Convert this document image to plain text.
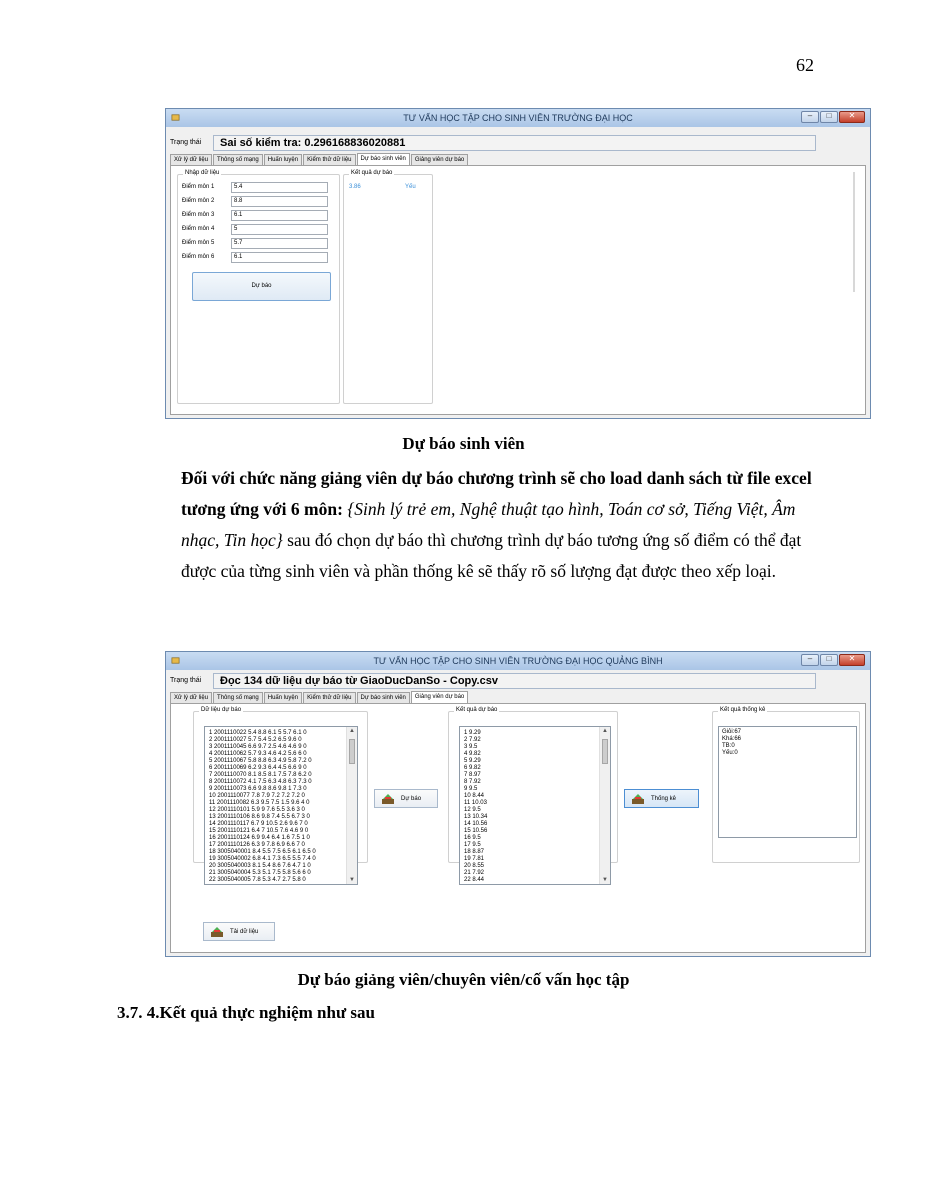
62
TƯ VẤN HỌC TẬP CHO SINH VIÊN TRƯỜNG ĐẠI HỌC	–	□	✕
Trạng thái	Sai số kiểm tra: 0.296168836020881
Xử lý dữ liệu	Thông số mạng	Huấn luyện	Kiểm thử dữ liệu	Dự báo sinh viên	Giảng viên dự báo
Nhập dữ liệu
Điểm môn 1	5.4
Điểm môn 2	8.8
Điểm môn 3	6.1
Điểm môn 4	5
Điểm môn 5	5.7
Điểm môn 6	6.1
Dự báo
Kết quả dự báo
3.86	Yếu
Dự báo sinh viên
Đối với chức năng giảng viên dự báo chương trình sẽ cho load danh sách từ file excel tương ứng với 6 môn: {Sinh lý trẻ em, Nghệ thuật tạo hình, Toán cơ sở, Tiếng Việt, Âm nhạc, Tin học} sau đó chọn dự báo thì chương trình dự báo tương ứng số điểm có thể đạt được của từng sinh viên và phần thống kê sẽ thấy rõ số lượng đạt được theo xếp loại.
TƯ VẤN HỌC TẬP CHO SINH VIÊN TRƯỜNG ĐẠI HỌC QUẢNG BÌNH	–	□	✕
Trạng thái	Đọc 134 dữ liệu dự báo từ GiaoDucDanSo - Copy.csv
Xử lý dữ liệu	Thông số mạng	Huấn luyện	Kiểm thử dữ liệu	Dự báo sinh viên	Giảng viên dự báo
Dữ liệu dự báo
1 2001110022 5.4 8.8 6.1 5 5.7 6.1 0
2 2001110027 5.7 5.4 5.2 6.5 9.6 0
3 2001110045 6.6 9.7 2.5 4.6 4.6 9 0
4 2001110062 5.7 9.3 4.6 4.2 5.6 6 0
5 2001110067 5.8 8.8 6.3 4.9 5.8 7.2 0
6 2001110069 6.2 9.3 6.4 4.5 6.6 9 0
7 2001110070 8.1 8.5 8.1 7.5 7.8 6.2 0
8 2001110072 4.1 7.5 6.3 4.8 6.3 7.3 0
9 2001110073 6.6 9.8 8.6 9.8 1 7.3 0
10 2001110077 7.8 7.9 7.2 7.2 7.2 0
11 2001110082 6.3 9.5 7.5 1.5 9.6 4 0
12 2001110101 5.9 9 7.6 5.5 3.6 3 0
13 2001110106 8.6 9.8 7.4 5.5 6.7 3 0
14 2001110117 6.7 9 10.5 2.6 9.6 7 0
15 2001110121 6.4 7 10.5 7.6 4.6 9 0
16 2001110124 6.9 9.4 6.4 1.6 7.5 1 0
17 2001110126 6.3 9 7.8 6.9 6.6 7 0
18 3005040001 8.4 5.5 7.5 6.5 6.1 6.5 0
19 3005040002 6.8 4.1 7.3 6.5 5.5 7.4 0
20 3005040003 8.1 5.4 8.6 7.6 4.7 1 0
21 3005040004 5.3 5.1 7.5 5.8 5.6 6 0
22 3005040005 7.8 5.3 4.7 2.7 5.8 0
▲
▼
Dự báo
Kết quả dự báo
1 9.29
2 7.92
3 9.5
4 9.82
5 9.29
6 9.82
7 8.97
8 7.92
9 9.5
10 8.44
11 10.03
12 9.5
13 10.34
14 10.56
15 10.56
16 9.5
17 9.5
18 8.87
19 7.81
20 8.55
21 7.92
22 8.44
▲
▼
Thống kê
Kết quả thống kê
Giỏi:67
Khá:66
TB:0
Yếu:0
Tải dữ liệu
Dự báo giảng viên/chuyên viên/cố vấn học tập
3.7. 4.Kết quả thực nghiệm như sau
